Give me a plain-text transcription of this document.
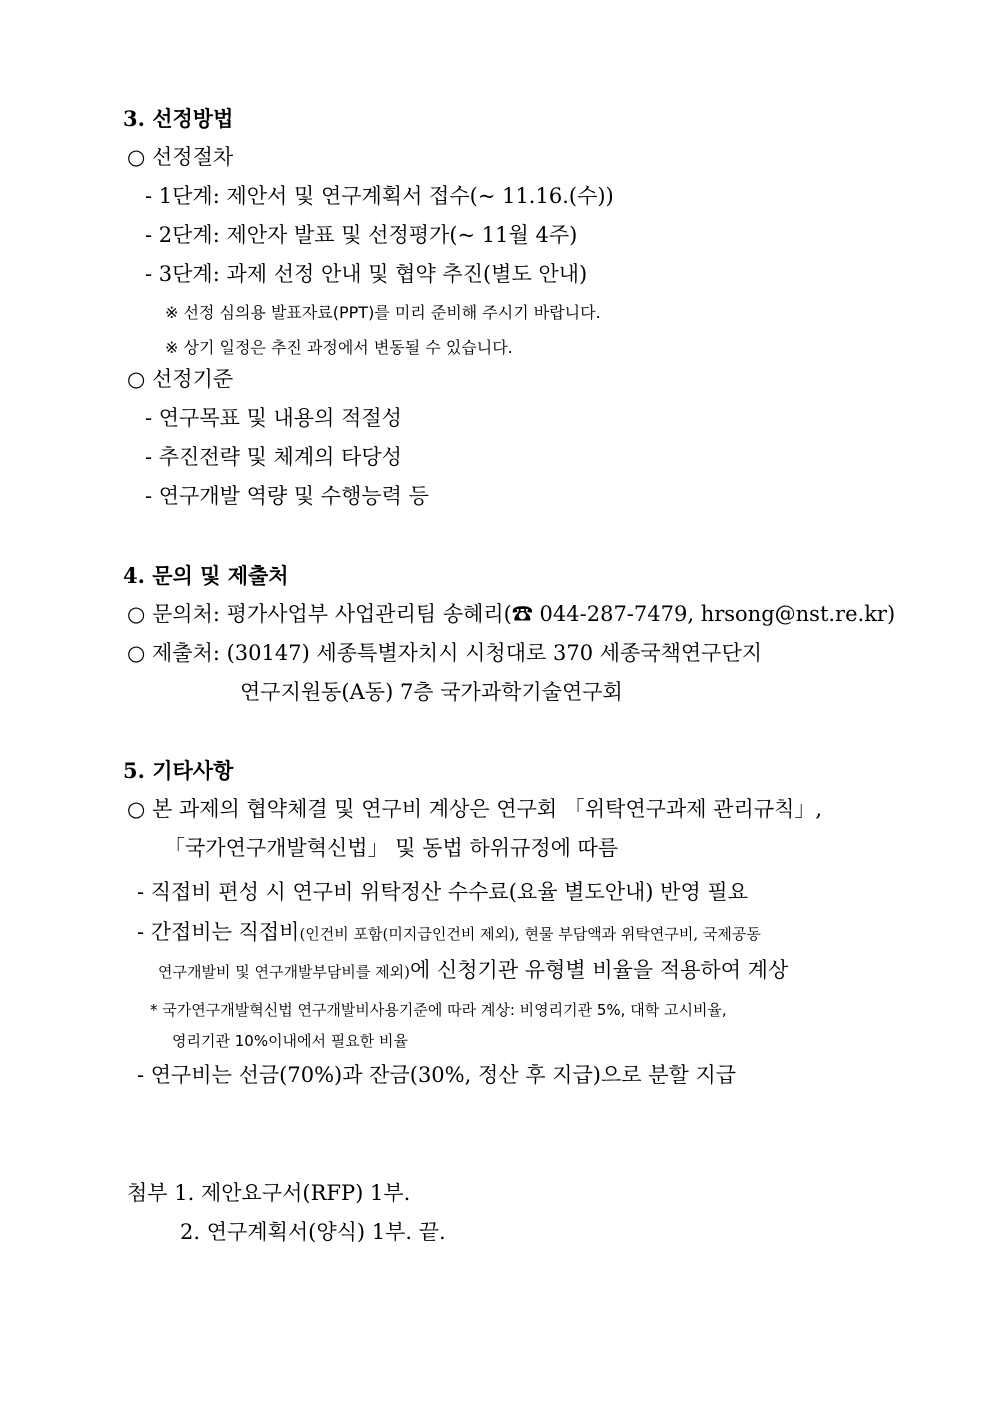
3. 선정방법
○ 선정절차
- 1단계: 제안서 및 연구계획서 접수(~ 11.16.(수))
- 2단계: 제안자 발표 및 선정평가(~ 11월 4주)
- 3단계: 과제 선정 안내 및 협약 추진(별도 안내)
※ 선정 심의용 발표자료(PPT)를 미리 준비해 주시기 바랍니다.
※ 상기 일정은 추진 과정에서 변동될 수 있습니다.
○ 선정기준
- 연구목표 및 내용의 적절성
- 추진전략 및 체계의 타당성
- 연구개발 역량 및 수행능력 등
4. 문의 및 제출처
○ 문의처: 평가사업부 사업관리팀 송혜리(☎ 044-287-7479, hrsong@nst.re.kr)
○ 제출처: (30147) 세종특별자치시 시청대로 370 세종국책연구단지
연구지원동(A동) 7층 국가과학기술연구회
5. 기타사항
○ 본 과제의 협약체결 및 연구비 계상은 연구회 「위탁연구과제 관리규칙」,
「국가연구개발혁신법」 및 동법 하위규정에 따름
- 직접비 편성 시 연구비 위탁정산 수수료(요율 별도안내) 반영 필요
- 간접비는 직접비(인건비 포함(미지급인건비 제외), 현물 부담액과 위탁연구비, 국제공동
연구개발비 및 연구개발부담비를 제외)에 신청기관 유형별 비율을 적용하여 계상
* 국가연구개발혁신법 연구개발비사용기준에 따라 계상: 비영리기관 5%, 대학 고시비율,
영리기관 10%이내에서 필요한 비율
- 연구비는 선금(70%)과 잔금(30%, 정산 후 지급)으로 분할 지급
첨부 1. 제안요구서(RFP) 1부.
2. 연구계획서(양식) 1부. 끝.
